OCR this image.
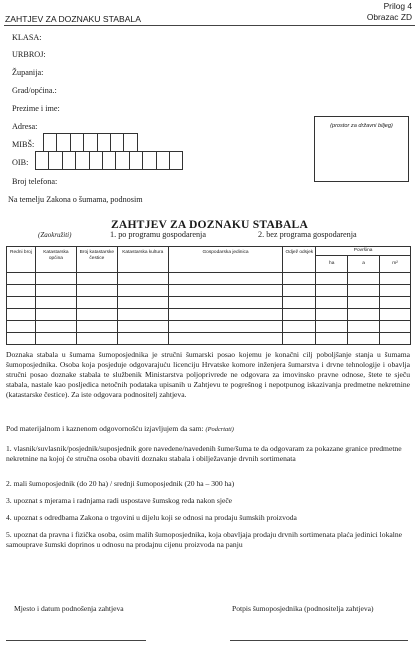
ZAHTJEV ZA DOZNAKU STABALA
Prilog 4
Obrazac ZD
KLASA:
URBROJ:
Županija:
Grad/općina.:
Prezime i ime:
Adresa:
MIBŠ:
OIB:
Broj telefona:
(prostor za državni biljeg)
Na temelju Zakona o šumama, podnosim
ZAHTJEV ZA DOZNAKU STABALA
(Zaokružiti)	1. po programu gospodarenja	2. bez programa gospodarenja
Redni broj	Katastarska općina	Broj katastarske čestice	Katastarska kultura	Gospodarska jedinica	Odjel/ odsjek	Površina		
						ha	a	m²

Doznaka stabala u šumama šumoposjednika je stručni šumarski posao kojemu je konačni cilj poboljšanje stanja u šumama šumoposjednika. Osoba koja posjeduje odgovarajuću licenciju Hrvatske komore inženjera šumarstva i drvne tehnologije i obavlja stručni posao doznake stabala te službenik Ministarstva poljoprivrede ne odgovara za imovinsko pravne odnose, štete te sječu stabala, nastale kao posljedica netočnih podataka upisanih u Zahtjevu te pogrešnog i nepotpunog iskazivanja predmetne nekretnine (katastarske čestice). Za iste odgovara podnositelj zahtjeva.
Pod materijalnom i kaznenom odgovornošću izjavljujem da sam: (Podcrtati)
1. vlasnik/suvlasnik/posjednik/suposjednik gore navedene/navedenih šume/šuma te da odgovaram za pokazane granice predmetne nekretnine na kojoj će stručna osoba obaviti doznaku stabala i obilježavanje drvnih sortimenata
2. mali šumoposjednik (do 20 ha) / srednji šumoposjednik (20 ha – 300 ha)
3. upoznat s mjerama i radnjama radi uspostave šumskog reda nakon sječe
4. upoznat s odredbama Zakona o trgovini u dijelu koji se odnosi na prodaju šumskih proizvoda
5. upoznat da pravna i fizička osoba, osim malih šumoposjednika, koja obavljaja prodaju drvnih sortimenata plaća jedinici lokalne samouprave šumski doprinos u odnosu na prodajnu cijenu proizvoda na panju
Mjesto i datum podnošenja zahtjeva	Potpis šumoposjednika (podnositelja zahtjeva)
